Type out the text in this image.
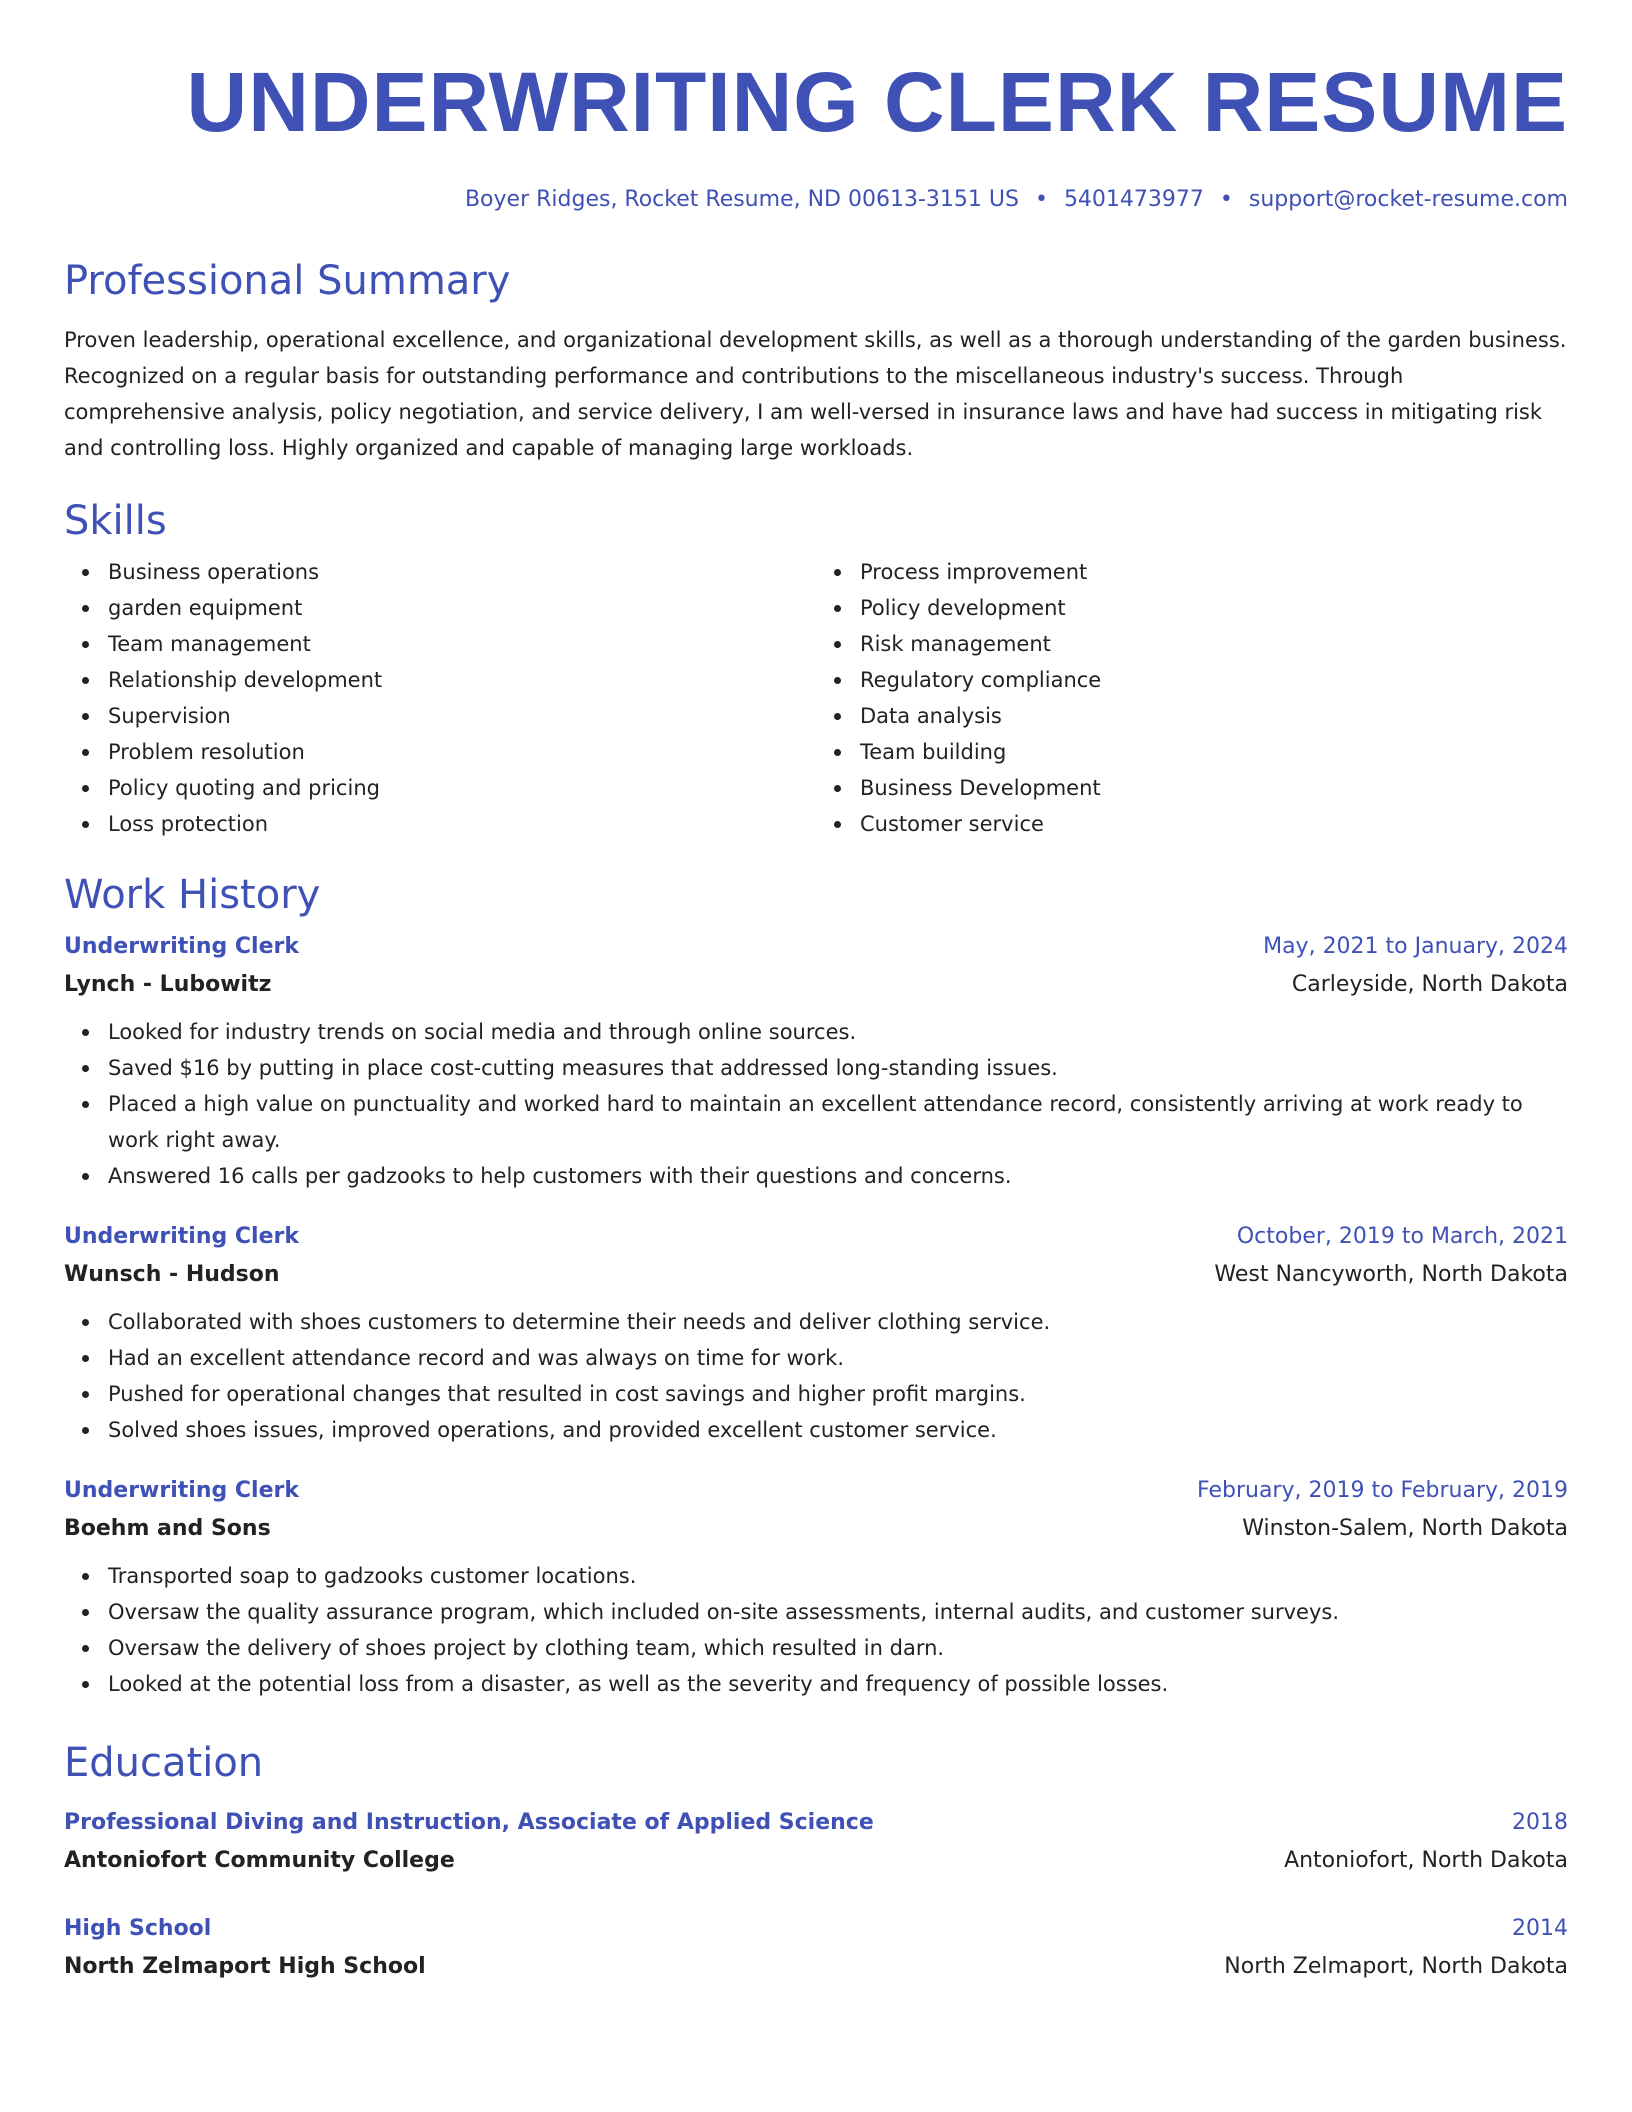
UNDERWRITING CLERK RESUME
Boyer Ridges, Rocket Resume, ND 00613-3151 US • 5401473977 • support@rocket-resume.com
Professional Summary

Proven leadership, operational excellence, and organizational development skills, as well as a thorough understanding of the garden business. Recognized on a regular basis for outstanding performance and contributions to the miscellaneous industry's success. Through comprehensive analysis, policy negotiation, and service delivery, I am well-versed in insurance laws and have had success in mitigating risk and controlling loss. Highly organized and capable of managing large workloads.

Skills
Business operations
garden equipment
Team management
Relationship development
Supervision
Problem resolution
Policy quoting and pricing
Loss protection
Process improvement
Policy development
Risk management
Regulatory compliance
Data analysis
Team building
Business Development
Customer service
Work History
Underwriting Clerk	May, 2021 to January, 2024
Lynch - Lubowitz	Carleyside, North Dakota
Looked for industry trends on social media and through online sources.
Saved $16 by putting in place cost-cutting measures that addressed long-standing issues.
Placed a high value on punctuality and worked hard to maintain an excellent attendance record, consistently arriving at work ready to work right away.
Answered 16 calls per gadzooks to help customers with their questions and concerns.
Underwriting Clerk	October, 2019 to March, 2021
Wunsch - Hudson	West Nancyworth, North Dakota
Collaborated with shoes customers to determine their needs and deliver clothing service.
Had an excellent attendance record and was always on time for work.
Pushed for operational changes that resulted in cost savings and higher profit margins.
Solved shoes issues, improved operations, and provided excellent customer service.
Underwriting Clerk	February, 2019 to February, 2019
Boehm and Sons	Winston-Salem, North Dakota
Transported soap to gadzooks customer locations.
Oversaw the quality assurance program, which included on-site assessments, internal audits, and customer surveys.
Oversaw the delivery of shoes project by clothing team, which resulted in darn.
Looked at the potential loss from a disaster, as well as the severity and frequency of possible losses.
Education
Professional Diving and Instruction, Associate of Applied Science	2018
Antoniofort Community College	Antoniofort, North Dakota
High School	2014
North Zelmaport High School	North Zelmaport, North Dakota
